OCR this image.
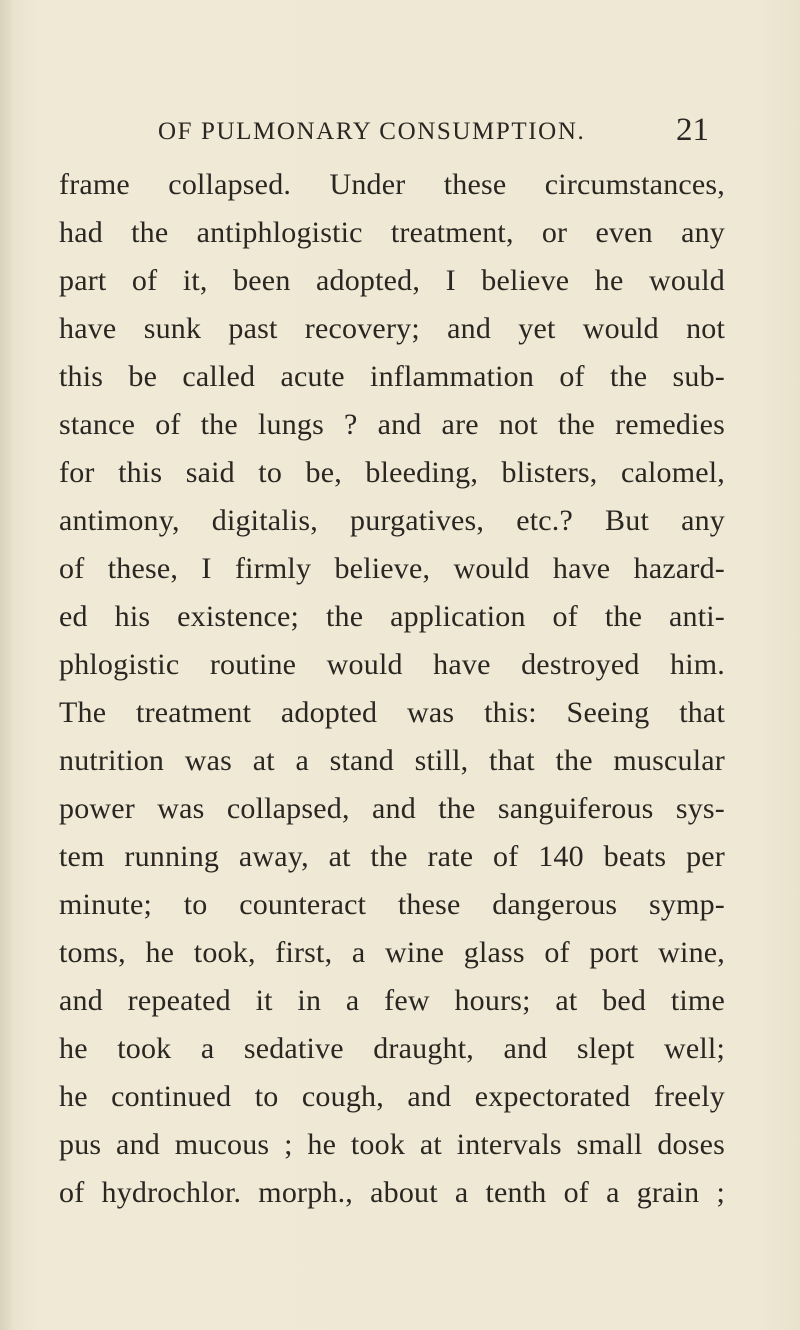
OF PULMONARY CONSUMPTION.	21
frame collapsed. Under these circumstances,
had the antiphlogistic treatment, or even any
part of it, been adopted, I believe he would
have sunk past recovery; and yet would not
this be called acute inflammation of the sub-
stance of the lungs ? and are not the remedies
for this said to be, bleeding, blisters, calomel,
antimony, digitalis, purgatives, etc.? But any
of these, I firmly believe, would have hazard-
ed his existence; the application of the anti-
phlogistic routine would have destroyed him.
The treatment adopted was this: Seeing that
nutrition was at a stand still, that the muscular
power was collapsed, and the sanguiferous sys-
tem running away, at the rate of 140 beats per
minute; to counteract these dangerous symp-
toms, he took, first, a wine glass of port wine,
and repeated it in a few hours; at bed time
he took a sedative draught, and slept well;
he continued to cough, and expectorated freely
pus and mucous ; he took at intervals small doses
of hydrochlor. morph., about a tenth of a grain ;
